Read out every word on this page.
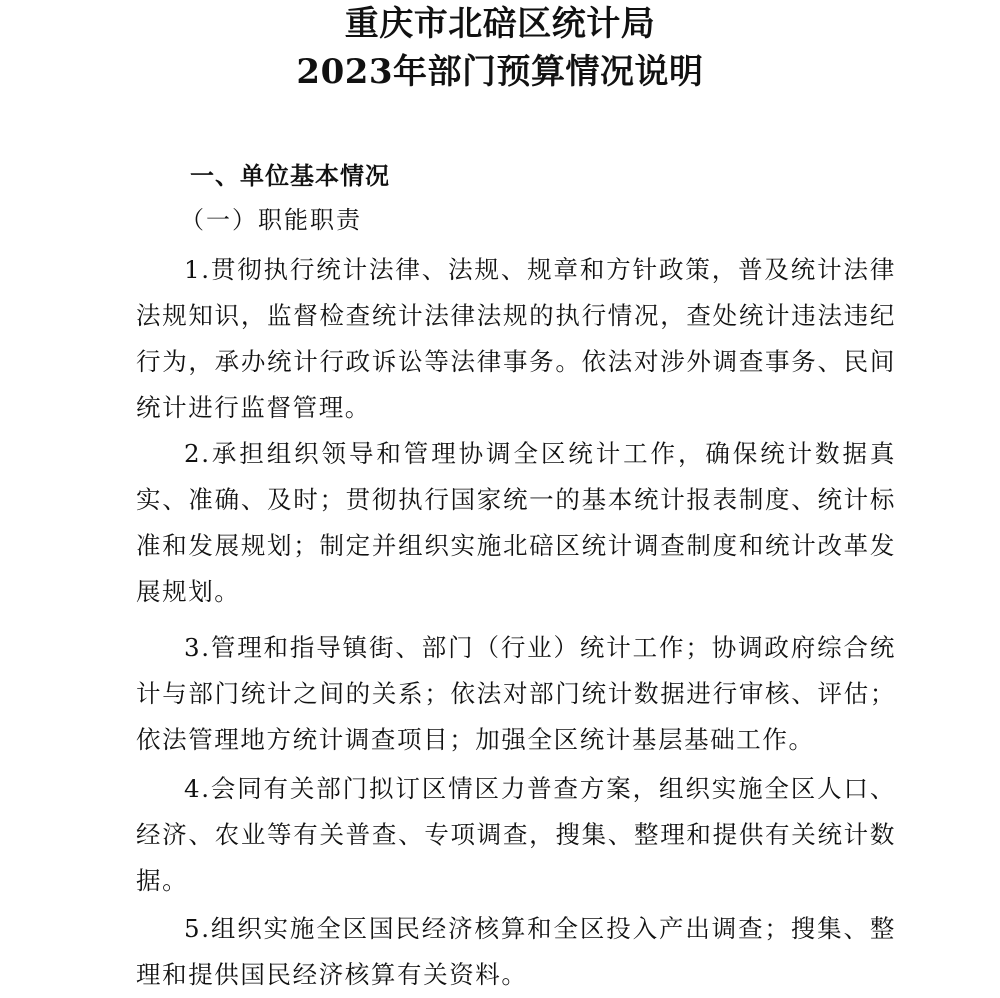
重庆市北碚区统计局
2023年部门预算情况说明
一、单位基本情况
（一）职能职责
1.贯彻执行统计法律、法规、规章和方针政策，普及统计法律法规知识，监督检查统计法律法规的执行情况，查处统计违法违纪行为，承办统计行政诉讼等法律事务。依法对涉外调查事务、民间统计进行监督管理。
2.承担组织领导和管理协调全区统计工作，确保统计数据真实、准确、及时；贯彻执行国家统一的基本统计报表制度、统计标准和发展规划；制定并组织实施北碚区统计调查制度和统计改革发展规划。
3.管理和指导镇街、部门（行业）统计工作；协调政府综合统计与部门统计之间的关系；依法对部门统计数据进行审核、评估；依法管理地方统计调查项目；加强全区统计基层基础工作。
4.会同有关部门拟订区情区力普查方案，组织实施全区人口、经济、农业等有关普查、专项调查，搜集、整理和提供有关统计数据。
5.组织实施全区国民经济核算和全区投入产出调查；搜集、整理和提供国民经济核算有关资料。
